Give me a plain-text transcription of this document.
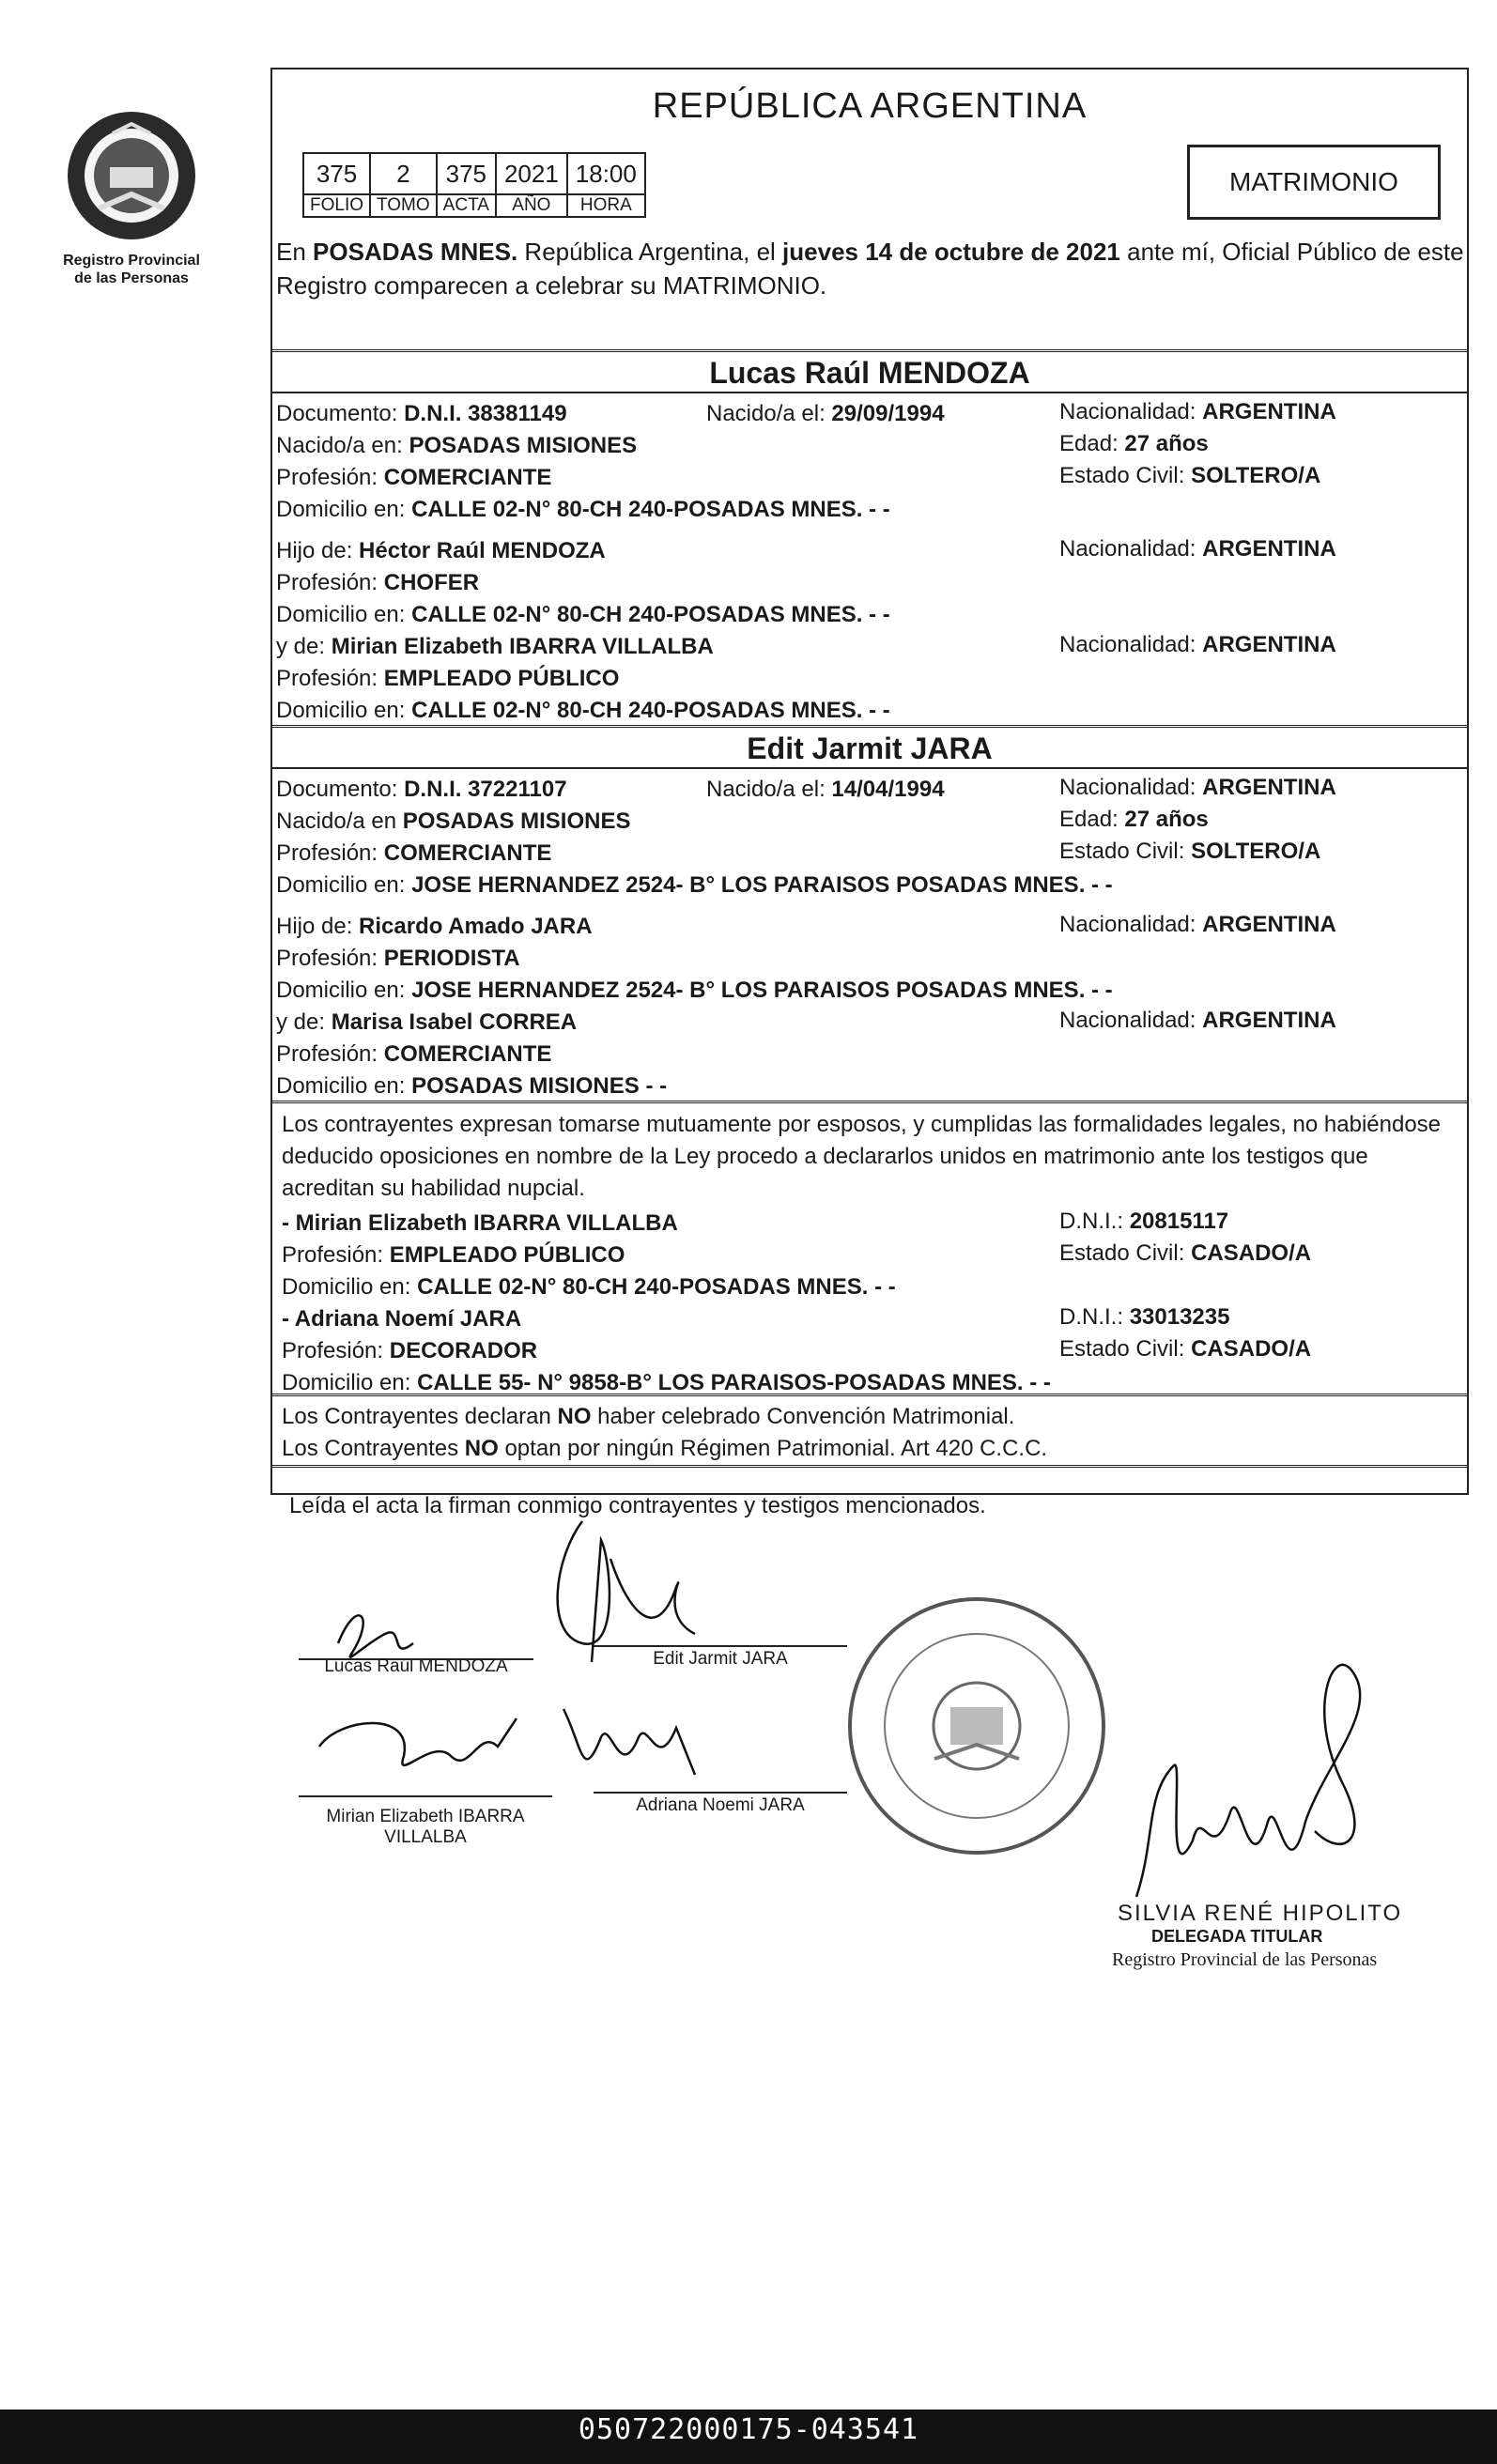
Registro Provincial
de las Personas
REPÚBLICA ARGENTINA
375	2	375	2021	18:00
FOLIO	TOMO	ACTA	AÑO	HORA
MATRIMONIO
En POSADAS MNES. República Argentina, el jueves 14 de octubre de 2021 ante mí, Oficial Público de este Registro comparecen a celebrar su MATRIMONIO.
Lucas Raúl MENDOZA
Documento: D.N.I. 38381149	Nacido/a el: 29/09/1994	Nacionalidad: ARGENTINA
Nacido/a en: POSADAS MISIONES	Edad: 27 años
Profesión: COMERCIANTE	Estado Civil: SOLTERO/A
Domicilio en: CALLE 02-N° 80-CH 240-POSADAS MNES. - -
Hijo de: Héctor Raúl MENDOZA	Nacionalidad: ARGENTINA
Profesión: CHOFER
Domicilio en: CALLE 02-N° 80-CH 240-POSADAS MNES. - -
y de: Mirian Elizabeth IBARRA VILLALBA	Nacionalidad: ARGENTINA
Profesión: EMPLEADO PÚBLICO
Domicilio en: CALLE 02-N° 80-CH 240-POSADAS MNES. - -
Edit Jarmit JARA
Documento: D.N.I. 37221107	Nacido/a el: 14/04/1994	Nacionalidad: ARGENTINA
Nacido/a en POSADAS MISIONES	Edad: 27 años
Profesión: COMERCIANTE	Estado Civil: SOLTERO/A
Domicilio en: JOSE HERNANDEZ 2524- B° LOS PARAISOS POSADAS MNES. - -
Hijo de: Ricardo Amado JARA	Nacionalidad: ARGENTINA
Profesión: PERIODISTA
Domicilio en: JOSE HERNANDEZ 2524- B° LOS PARAISOS POSADAS MNES. - -
y de: Marisa Isabel CORREA	Nacionalidad: ARGENTINA
Profesión: COMERCIANTE
Domicilio en: POSADAS MISIONES - -
Los contrayentes expresan tomarse mutuamente por esposos, y cumplidas las formalidades legales, no habiéndose deducido oposiciones en nombre de la Ley procedo a declararlos unidos en matrimonio ante los testigos que acreditan su habilidad nupcial.
- Mirian Elizabeth IBARRA VILLALBA	D.N.I.: 20815117
Profesión: EMPLEADO PÚBLICO	Estado Civil: CASADO/A
Domicilio en: CALLE 02-N° 80-CH 240-POSADAS MNES. - -
- Adriana Noemí JARA	D.N.I.: 33013235
Profesión: DECORADOR	Estado Civil: CASADO/A
Domicilio en: CALLE 55- N° 9858-B° LOS PARAISOS-POSADAS MNES. - -
Los Contrayentes declaran NO haber celebrado Convención Matrimonial.
Los Contrayentes NO optan por ningún Régimen Patrimonial. Art 420 C.C.C.
Leída el acta la firman conmigo contrayentes y testigos mencionados.
Lucas Raúl MENDOZA	Edit Jarmit JARA
Mirian Elizabeth IBARRA
VILLALBA
Adriana Noemi JARA
SILVIA RENÉ HIPOLITO
DELEGADA TITULAR
Registro Provincial de las Personas
050722000175-043541
